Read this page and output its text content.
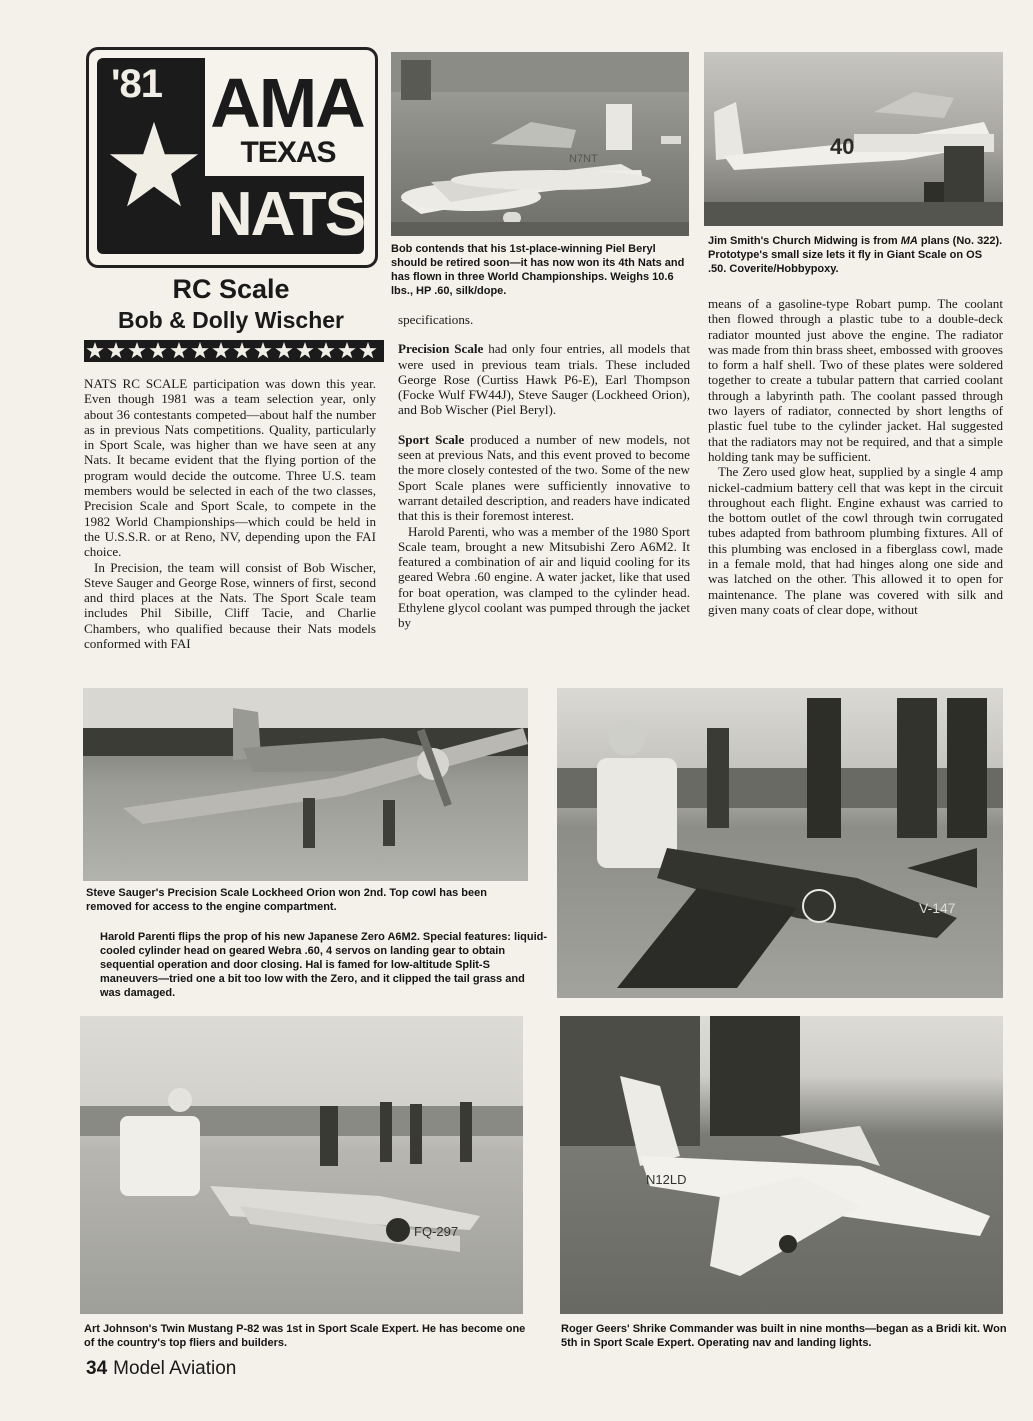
'81 AMA
TEXAS
NATS
RC Scale
Bob & Dolly Wischer
N7NT	40

Bob contends that his 1st-place-winning Piel Beryl should be retired soon—it has now won its 4th Nats and has flown in three World Championships. Weighs 10.6 lbs., HP .60, silk/dope.

Jim Smith's Church Midwing is from MA plans (No. 322). Prototype's small size lets it fly in Giant Scale on OS .50. Coverite/Hobbypoxy.

NATS RC SCALE participation was down this year. Even though 1981 was a team selection year, only about 36 contestants competed—about half the number as in previous Nats competitions. Quality, particularly in Sport Scale, was higher than we have seen at any Nats. It became evident that the flying portion of the program would decide the outcome. Three U.S. team members would be selected in each of the two classes, Precision Scale and Sport Scale, to compete in the 1982 World Championships—which could be held in the U.S.S.R. or at Reno, NV, depending upon the FAI choice.

In Precision, the team will consist of Bob Wischer, Steve Sauger and George Rose, winners of first, second and third places at the Nats. The Sport Scale team includes Phil Sibille, Cliff Tacie, and Charlie Chambers, who qualified because their Nats models conformed with FAI

specifications.

Precision Scale had only four entries, all models that were used in previous team trials. These included George Rose (Curtiss Hawk P6-E), Earl Thompson (Focke Wulf FW44J), Steve Sauger (Lockheed Orion), and Bob Wischer (Piel Beryl).

Sport Scale produced a number of new models, not seen at previous Nats, and this event proved to become the more closely contested of the two. Some of the new Sport Scale planes were sufficiently innovative to warrant detailed description, and readers have indicated that this is their foremost interest.

Harold Parenti, who was a member of the 1980 Sport Scale team, brought a new Mitsubishi Zero A6M2. It featured a combination of air and liquid cooling for its geared Webra .60 engine. A water jacket, like that used for boat operation, was clamped to the cylinder head. Ethylene glycol coolant was pumped through the jacket by

means of a gasoline-type Robart pump. The coolant then flowed through a plastic tube to a double-deck radiator mounted just above the engine. The radiator was made from thin brass sheet, embossed with grooves to form a half shell. Two of these plates were soldered together to create a tubular pattern that carried coolant through a labyrinth path. The coolant passed through two layers of radiator, connected by short lengths of plastic fuel tube to the cylinder jacket. Hal suggested that the radiators may not be required, and that a simple holding tank may be sufficient.

The Zero used glow heat, supplied by a single 4 amp nickel-cadmium battery cell that was kept in the circuit throughout each flight. Engine exhaust was carried to the bottom outlet of the cowl through twin corrugated tubes adapted from bathroom plumbing fixtures. All of this plumbing was enclosed in a fiberglass cowl, made in a female mold, that had hinges along one side and was latched on the other. This allowed it to open for maintenance. The plane was covered with silk and given many coats of clear dope, without

V-147

Steve Sauger's Precision Scale Lockheed Orion won 2nd. Top cowl has been removed for access to the engine compartment.

Harold Parenti flips the prop of his new Japanese Zero A6M2. Special features: liquid-cooled cylinder head on geared Webra .60, 4 servos on landing gear to obtain sequential operation and door closing. Hal is famed for low-altitude Split-S maneuvers—tried one a bit too low with the Zero, and it clipped the tail grass and was damaged.

FQ-297
N12LD

Art Johnson's Twin Mustang P-82 was 1st in Sport Scale Expert. He has become one of the country's top fliers and builders.

Roger Geers' Shrike Commander was built in nine months—began as a Bridi kit. Won 5th in Sport Scale Expert. Operating nav and landing lights.

34 Model Aviation
